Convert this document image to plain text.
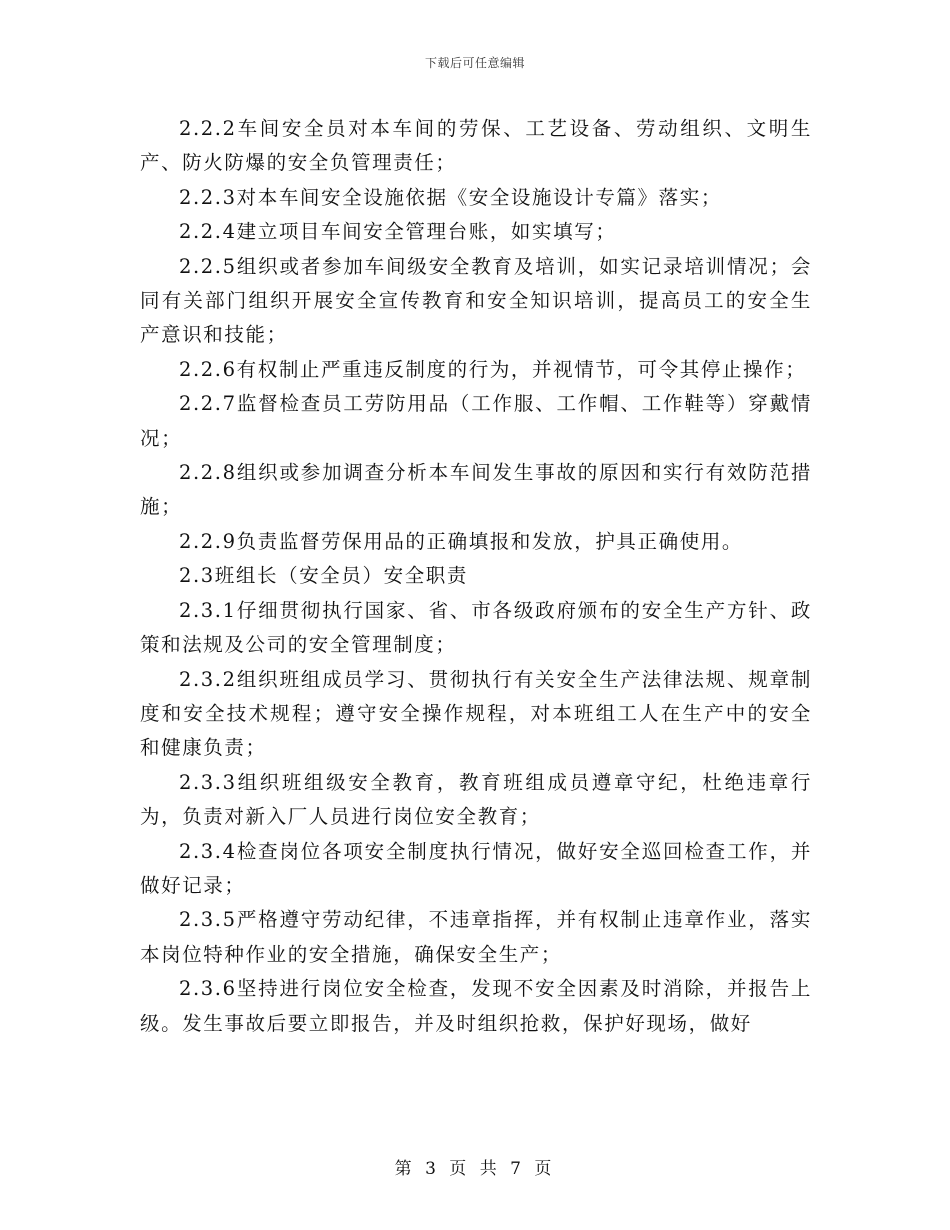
下载后可任意编辑

2.2.2车间安全员对本车间的劳保、工艺设备、劳动组织、文明生产、防火防爆的安全负管理责任；

2.2.3对本车间安全设施依据《安全设施设计专篇》落实；

2.2.4建立项目车间安全管理台账，如实填写；

2.2.5组织或者参加车间级安全教育及培训，如实记录培训情况；会同有关部门组织开展安全宣传教育和安全知识培训，提高员工的安全生产意识和技能；

2.2.6有权制止严重违反制度的行为，并视情节，可令其停止操作；

2.2.7监督检查员工劳防用品（工作服、工作帽、工作鞋等）穿戴情况；

2.2.8组织或参加调查分析本车间发生事故的原因和实行有效防范措施；

2.2.9负责监督劳保用品的正确填报和发放，护具正确使用。

2.3班组长（安全员）安全职责

2.3.1仔细贯彻执行国家、省、市各级政府颁布的安全生产方针、政策和法规及公司的安全管理制度；

2.3.2组织班组成员学习、贯彻执行有关安全生产法律法规、规章制度和安全技术规程；遵守安全操作规程，对本班组工人在生产中的安全和健康负责；

2.3.3组织班组级安全教育，教育班组成员遵章守纪，杜绝违章行为，负责对新入厂人员进行岗位安全教育；

2.3.4检查岗位各项安全制度执行情况，做好安全巡回检查工作，并做好记录；

2.3.5严格遵守劳动纪律，不违章指挥，并有权制止违章作业，落实本岗位特种作业的安全措施，确保安全生产；

2.3.6坚持进行岗位安全检查，发现不安全因素及时消除，并报告上级。发生事故后要立即报告，并及时组织抢救，保护好现场，做好

第 3 页 共 7 页
